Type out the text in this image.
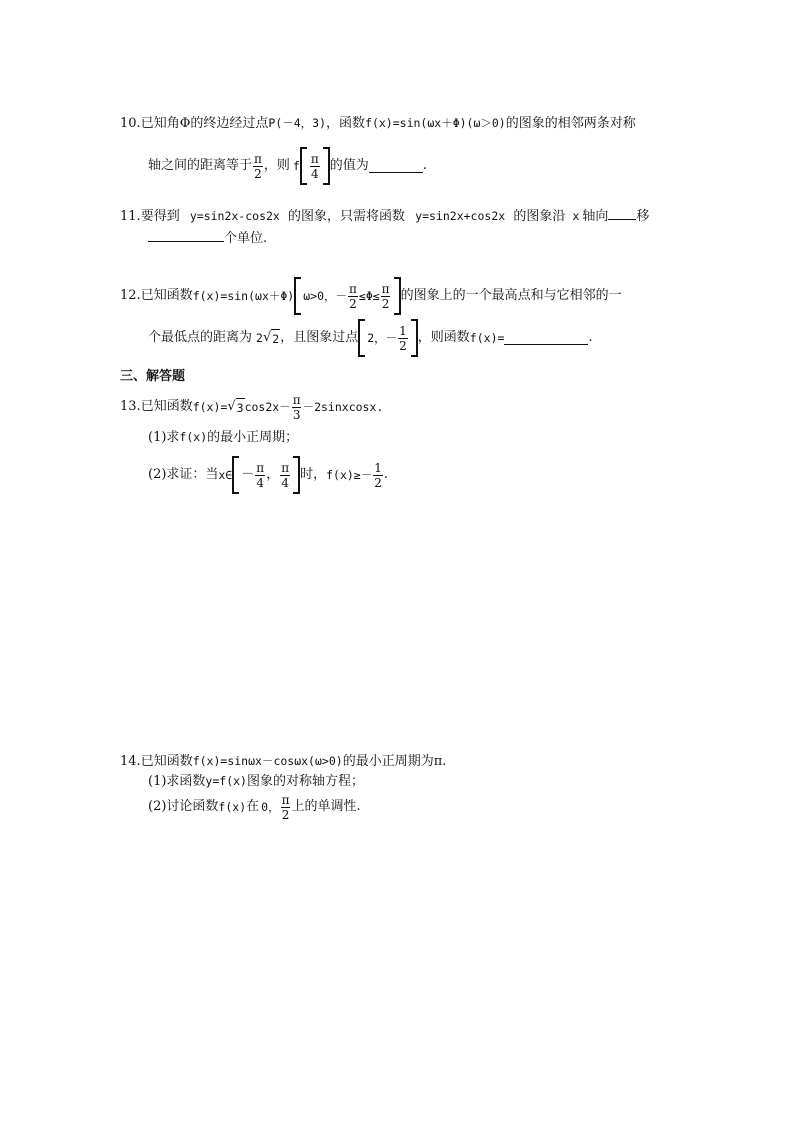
10.已知角Φ的终边经过点P(－4，3)，函数f(x)=sin(ωx＋Φ)(ω＞0)的图象的相邻两条对称
轴之间的距离等于 $\frac{\pi}{2}$ ，则 f $\frac{\pi}{4}$ 的值为	.
11.要得到 y=sin2x-cos2x 的图象，只需将函数 y=sin2x+cos2x 的图象沿 x 轴向 移
个单位.
12. 已知函数 f(x)=sin(ωx＋Φ) ω>0，－ $\frac{\pi}{2} \le\Phi\le \frac{\pi}{2}$ 的图象上的一个最高点和与它相邻的一
个最低点的距离为 2 √ 2 ，且图象过点 2，－ $\frac{1}{2}$ ，则函数 f(x)=	.
三、解答题
13. 已知函数 f(x)= √ 3 $\cos 2x- \frac{\pi}{3}$ －2sinxcosx.
(1)求f(x)的最小正周期；
(2)求证：当 x∈ － $\frac{\pi}{4}$ ， $\frac{\pi}{4}$ 时， $f(x)\ge- \frac{1}{2}$ .
14.已知函数f(x)=sinωx－cosωx(ω>0)的最小正周期为π.
(1)求函数y=f(x)图象的对称轴方程；
(2)讨论函数 f(x) 在 0， $\frac{\pi}{2}$ 上的单调性.
